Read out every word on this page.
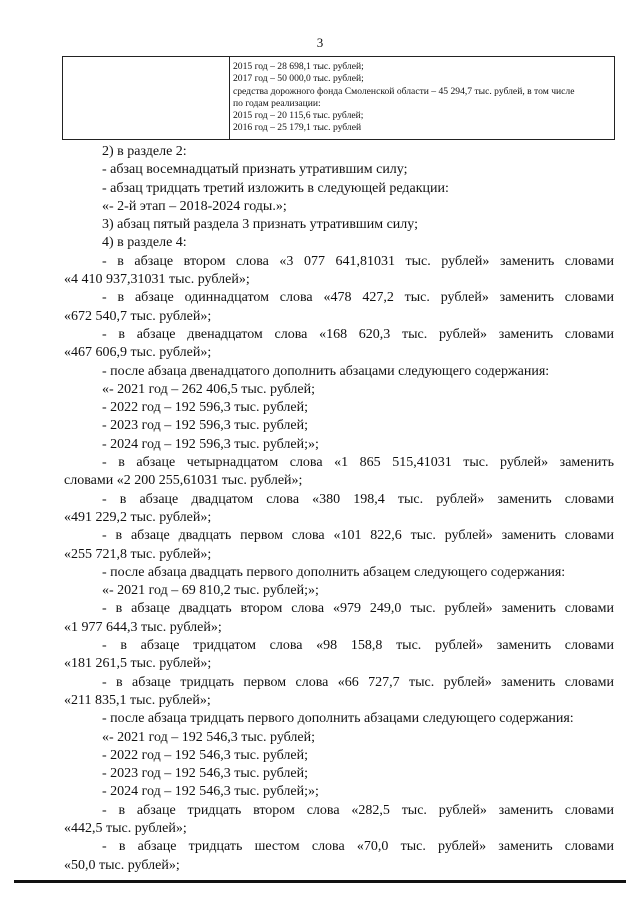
3
2015 год – 28 698,1 тыс. рублей;
2017 год – 50 000,0 тыс. рублей;
средства дорожного фонда Смоленской области – 45 294,7 тыс. рублей, в том числе
по годам реализации:
2015 год – 20 115,6 тыс. рублей;
2016 год – 25 179,1 тыс. рублей
2) в разделе 2:
- абзац восемнадцатый признать утратившим силу;
- абзац тридцать третий изложить в следующей редакции:
«- 2-й этап – 2018-2024 годы.»;
3) абзац пятый раздела 3 признать утратившим силу;
4) в разделе 4:
- в абзаце втором слова «3 077 641,81031 тыс. рублей» заменить словами
«4 410 937,31031 тыс. рублей»;
- в абзаце одиннадцатом слова «478 427,2 тыс. рублей» заменить словами
«672 540,7 тыс. рублей»;
- в абзаце двенадцатом слова «168 620,3 тыс. рублей» заменить словами
«467 606,9 тыс. рублей»;
- после абзаца двенадцатого дополнить абзацами следующего содержания:
«- 2021 год – 262 406,5 тыс. рублей;
- 2022 год – 192 596,3 тыс. рублей;
- 2023 год – 192 596,3 тыс. рублей;
- 2024 год – 192 596,3 тыс. рублей;»;
- в абзаце четырнадцатом слова «1 865 515,41031 тыс. рублей» заменить
словами «2 200 255,61031 тыс. рублей»;
- в абзаце двадцатом слова «380 198,4 тыс. рублей» заменить словами
«491 229,2 тыс. рублей»;
- в абзаце двадцать первом слова «101 822,6 тыс. рублей» заменить словами
«255 721,8 тыс. рублей»;
- после абзаца двадцать первого дополнить абзацем следующего содержания:
«- 2021 год – 69 810,2 тыс. рублей;»;
- в абзаце двадцать втором слова «979 249,0 тыс. рублей» заменить словами
«1 977 644,3 тыс. рублей»;
- в абзаце тридцатом слова «98 158,8 тыс. рублей» заменить словами
«181 261,5 тыс. рублей»;
- в абзаце тридцать первом слова «66 727,7 тыс. рублей» заменить словами
«211 835,1 тыс. рублей»;
- после абзаца тридцать первого дополнить абзацами следующего содержания:
«- 2021 год – 192 546,3 тыс. рублей;
- 2022 год – 192 546,3 тыс. рублей;
- 2023 год – 192 546,3 тыс. рублей;
- 2024 год – 192 546,3 тыс. рублей;»;
- в абзаце тридцать втором слова «282,5 тыс. рублей» заменить словами
«442,5 тыс. рублей»;
- в абзаце тридцать шестом слова «70,0 тыс. рублей» заменить словами
«50,0 тыс. рублей»;
